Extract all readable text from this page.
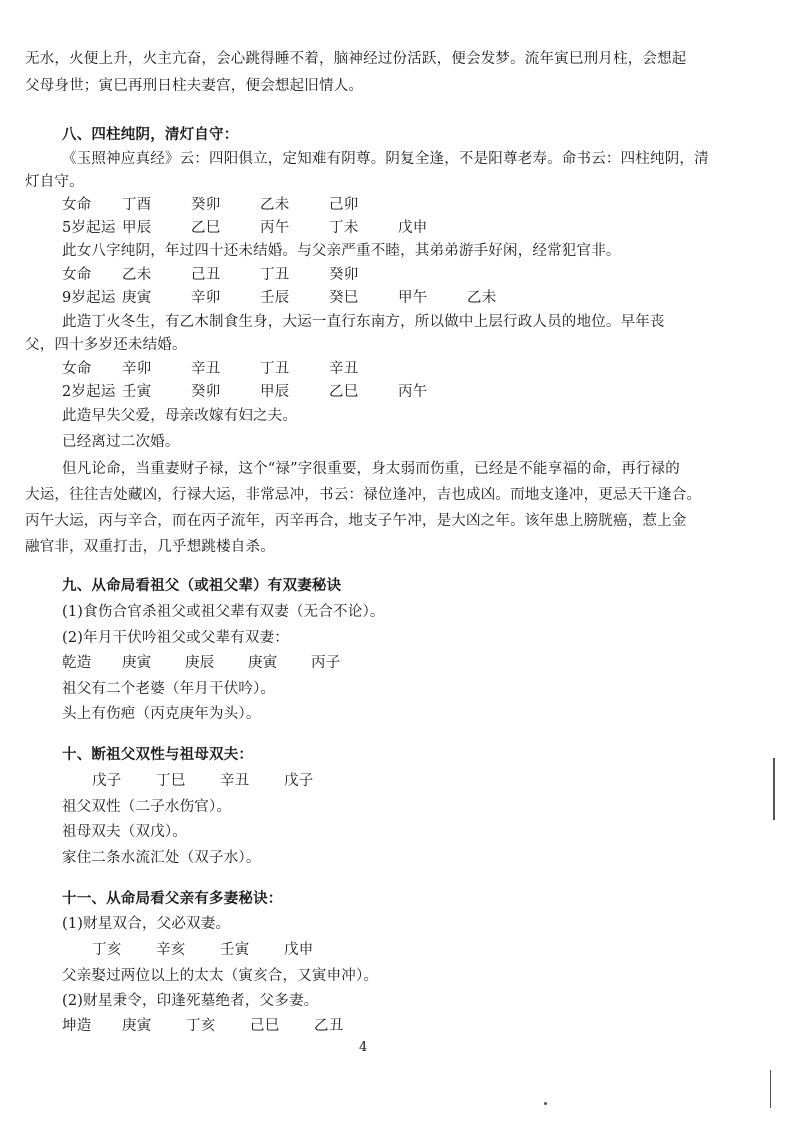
无水，火便上升，火主亢奋，会心跳得睡不着，脑神经过份活跃，便会发梦。流年寅巳刑月柱，会想起
父母身世；寅巳再刑日柱夫妻宫，便会想起旧情人。
八、四柱纯阴，清灯自守：
《玉照神应真经》云：四阳俱立，定知难有阴尊。阴复全逢，不是阳尊老寿。命书云：四柱纯阴，清
灯自守。
女命 丁酉	癸卯	乙未	己卯
5岁起运 甲辰	乙巳	丙午	丁未	戊申
此女八字纯阴，年过四十还未结婚。与父亲严重不睦，其弟弟游手好闲，经常犯官非。
女命 乙未	己丑	丁丑	癸卯
9岁起运 庚寅	辛卯	壬辰	癸巳	甲午	乙未
此造丁火冬生，有乙木制食生身，大运一直行东南方，所以做中上层行政人员的地位。早年丧
父，四十多岁还未结婚。
女命 辛卯	辛丑	丁丑	辛丑
2岁起运 壬寅	癸卯	甲辰	乙巳	丙午
此造早失父爱，母亲改嫁有妇之夫。
已经离过二次婚。
但凡论命，当重妻财子禄，这个“禄”字很重要，身太弱而伤重，已经是不能享福的命，再行禄的
大运，往往吉处藏凶，行禄大运，非常忌冲，书云：禄位逢冲，吉也成凶。而地支逢冲，更忌天干逢合。
丙午大运，丙与辛合，而在丙子流年，丙辛再合，地支子午冲，是大凶之年。该年患上膀胱癌，惹上金
融官非，双重打击，几乎想跳楼自杀。
九、从命局看祖父（或祖父辈）有双妻秘诀
(1)食伤合官杀祖父或祖父辈有双妻（无合不论）。
(2)年月干伏吟祖父或父辈有双妻：
乾造 庚寅 庚辰 庚寅 丙子
祖父有二个老婆（年月干伏吟）。
头上有伤疤（丙克庚年为头）。
十、断祖父双性与祖母双夫：
戊子 丁巳 辛丑 戊子
祖父双性（二子水伤官）。
祖母双夫（双戊）。
家住二条水流汇处（双子水）。
十一、从命局看父亲有多妻秘诀：
(1)财星双合，父必双妻。
丁亥 辛亥 壬寅 戊申
父亲娶过两位以上的太太（寅亥合，又寅申冲）。
(2)财星秉令，印逢死墓绝者，父多妻。
坤造 庚寅 丁亥 己巳 乙丑
4
